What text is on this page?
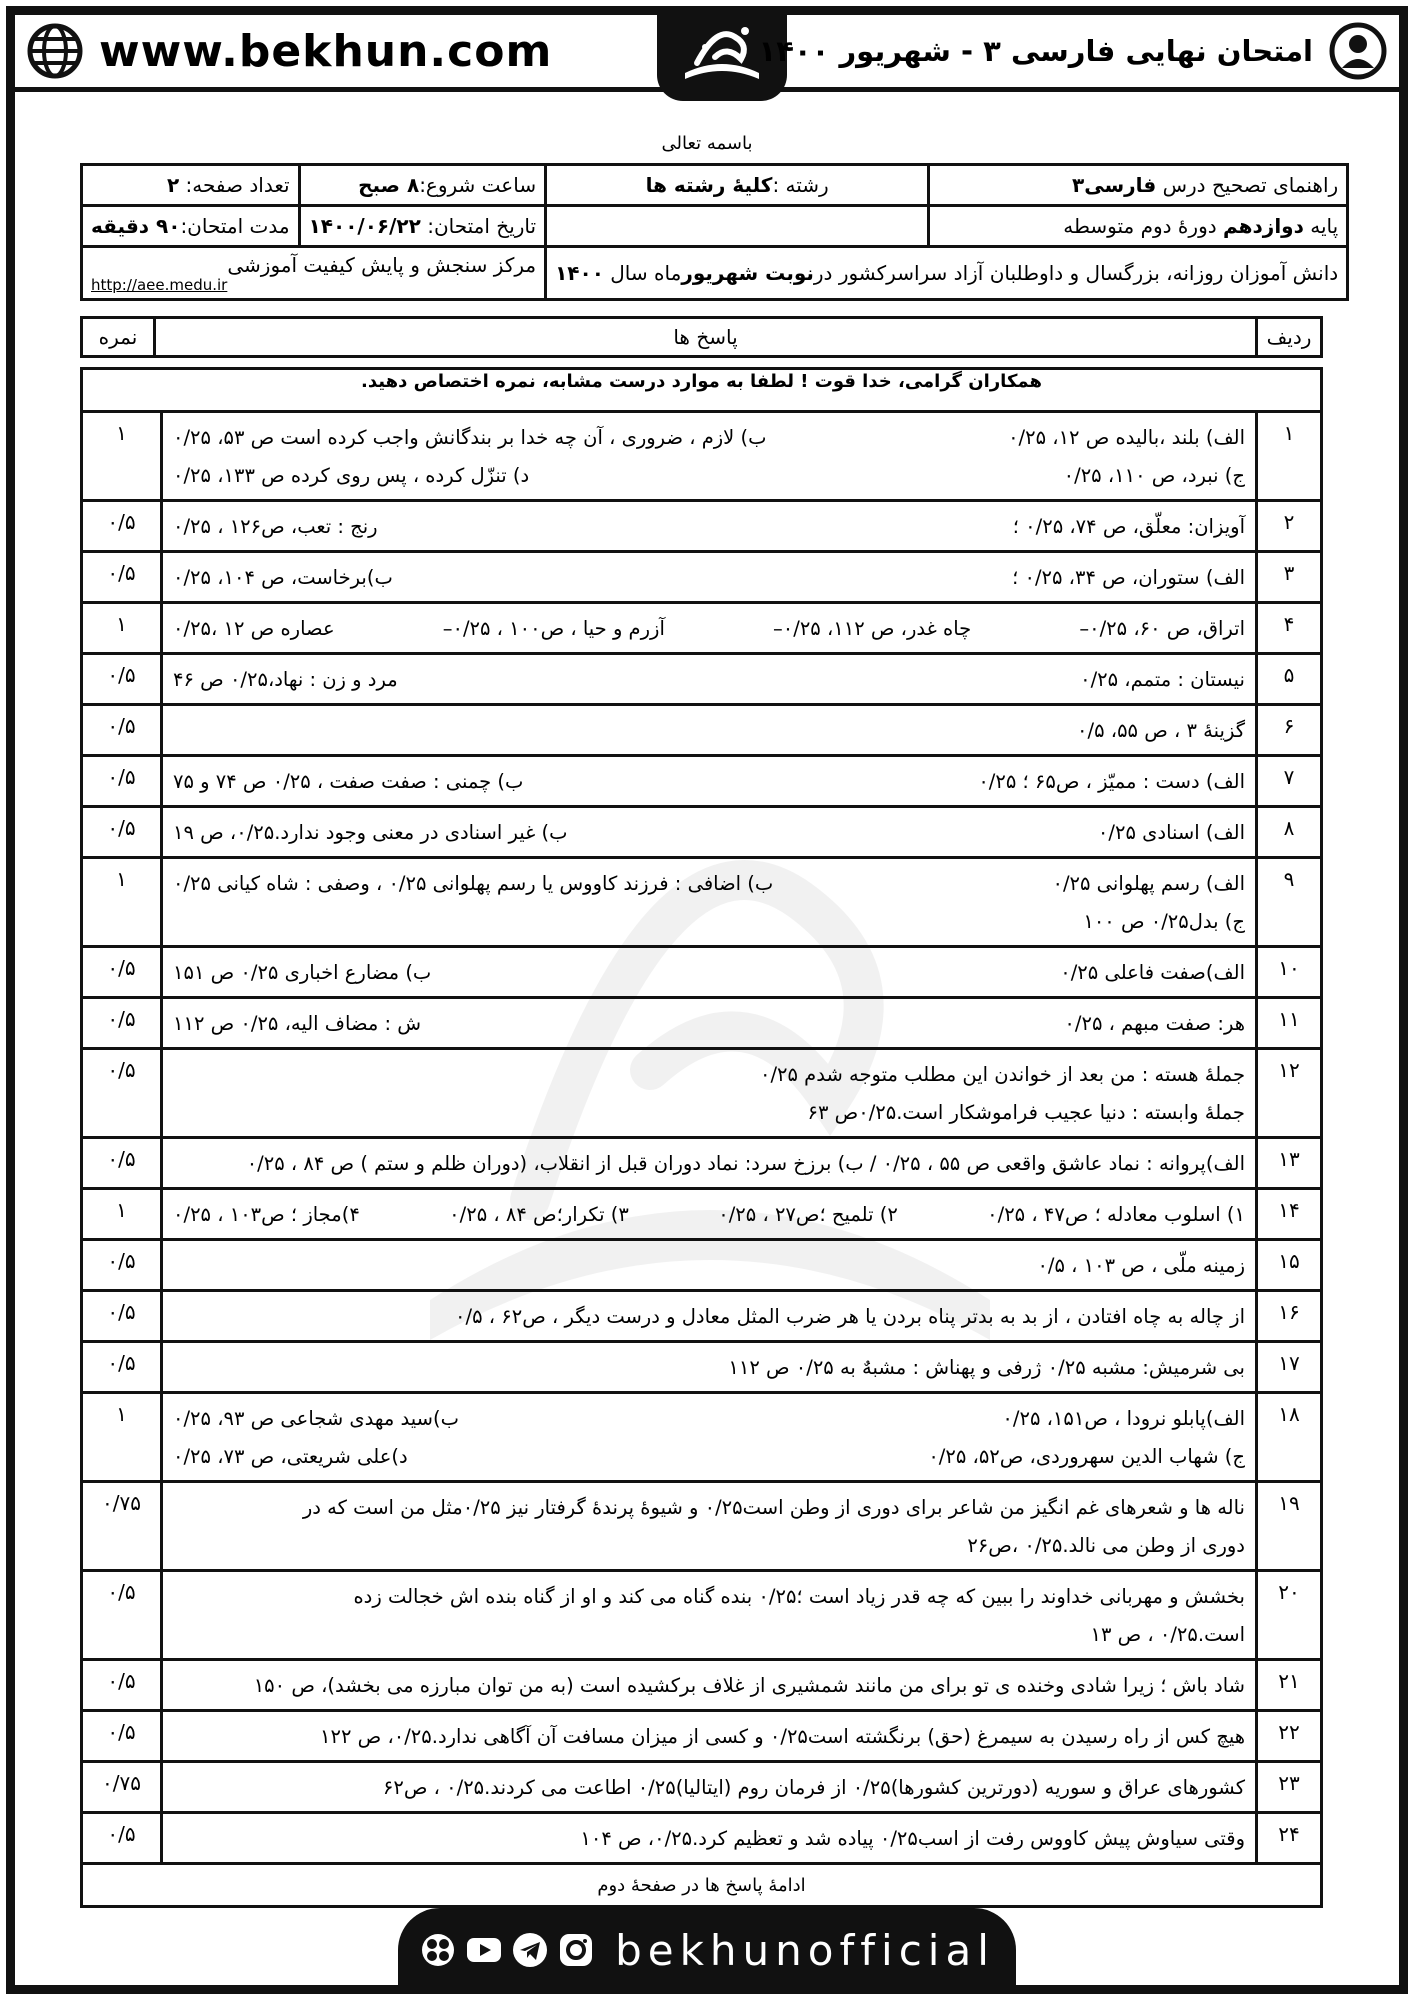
www.bekhun.com	امتحان نهایی فارسی ۳ - شهریور ۱۴۰۰
باسمه تعالی
راهنمای تصحیح درس فارسی۳	رشته :کلیهٔ رشته ها	ساعت شروع:۸ صبح	تعداد صفحه: ۲
پایه دوازدهم دورهٔ دوم متوسطه		تاریخ امتحان: ۱۴۰۰/۰۶/۲۲	مدت امتحان:۹۰ دقیقه
دانش آموزان روزانه، بزرگسال و داوطلبان آزاد سراسرکشور درنوبت شهریورماه سال ۱۴۰۰		مرکز سنجش و پایش کیفیت آموزشی
http://aee.medu.ir	
ردیف	پاسخ ها	نمره
همکاران گرامی، خدا قوت ! لطفا به موارد درست مشابه، نمره اختصاص دهید.		
۱	الف) بلند ،بالیده ص ۱۲، ۰/۲۵
ب) لازم ، ضروری ، آن چه خدا بر بندگانش واجب کرده است ص ۵۳، ۰/۲۵
ج) نبرد، ص ۱۱۰، ۰/۲۵
د) تنزّل کرده ، پس روی کرده ص ۱۳۳، ۰/۲۵	۱
۲	آویزان: معلّق، ص ۷۴، ۰/۲۵ ؛
رنج : تعب، ص۱۲۶ ، ۰/۲۵	۰/۵
۳	الف) ستوران، ص ۳۴، ۰/۲۵ ؛
ب)برخاست، ص ۱۰۴، ۰/۲۵	۰/۵
۴	اتراق، ص ۶۰، ۰/۲۵–
چاه غدر، ص ۱۱۲، ۰/۲۵–
آزرم و حیا ، ص۱۰۰ ، ۰/۲۵–
عصاره ص ۱۲ ،۰/۲۵	۱
۵	نیستان : متمم، ۰/۲۵
مرد و زن : نهاد،۰/۲۵ ص ۴۶	۰/۵
۶	گزینهٔ ۳ ، ص ۵۵، ۰/۵	۰/۵
۷	الف) دست : ممیّز ، ص۶۵ ؛ ۰/۲۵
ب) چمنی : صفت صفت ، ۰/۲۵ ص ۷۴ و ۷۵	۰/۵
۸	الف) اسنادی ۰/۲۵
ب) غیر اسنادی در معنی وجود ندارد.۰/۲۵، ص ۱۹	۰/۵
۹	الف) رسم پهلوانی ۰/۲۵
ب) اضافی : فرزند کاووس یا رسم پهلوانی ۰/۲۵ ، وصفی : شاه کیانی ۰/۲۵
ج) بدل۰/۲۵ ص ۱۰۰	۱
۱۰	الف)صفت فاعلی ۰/۲۵
ب) مضارع اخباری ۰/۲۵ ص ۱۵۱	۰/۵
۱۱	هر: صفت مبهم ، ۰/۲۵
ش : مضاف الیه، ۰/۲۵ ص ۱۱۲	۰/۵
۱۲	جملهٔ هسته : من بعد از خواندن این مطلب متوجه شدم ۰/۲۵
جملهٔ وابسته : دنیا عجیب فراموشکار است.۰/۲۵ص ۶۳	۰/۵
۱۳	الف)پروانه : نماد عاشق واقعی ص ۵۵ ، ۰/۲۵ / ب) برزخ سرد: نماد دوران قبل از انقلاب، (دوران ظلم و ستم ) ص ۸۴ ، ۰/۲۵	۰/۵
۱۴	۱) اسلوب معادله ؛ ص۴۷ ، ۰/۲۵
۲) تلمیح ؛ص۲۷ ، ۰/۲۵
۳) تکرار؛ص ۸۴ ، ۰/۲۵
۴)مجاز ؛ ص۱۰۳ ، ۰/۲۵	۱
۱۵	زمینه ملّی ، ص ۱۰۳ ، ۰/۵	۰/۵
۱۶	از چاله به چاه افتادن ، از بد به بدتر پناه بردن یا هر ضرب المثل معادل و درست دیگر ، ص۶۲ ، ۰/۵	۰/۵
۱۷	بی شرمیش: مشبه ۰/۲۵ ژرفی و پهناش : مشبهٌ به ۰/۲۵ ص ۱۱۲	۰/۵
۱۸	الف)پابلو نرودا ، ص۱۵۱، ۰/۲۵
ب)سید مهدی شجاعی ص ۹۳، ۰/۲۵
ج) شهاب الدین سهروردی، ص۵۲، ۰/۲۵
د)علی شریعتی، ص ۷۳، ۰/۲۵	۱
۱۹	ناله ها و شعرهای غم انگیز من شاعر برای دوری از وطن است۰/۲۵ و شیوهٔ پرندهٔ گرفتار نیز ۰/۲۵مثل من است که در
دوری از وطن می نالد.۰/۲۵ ،ص۲۶	۰/۷۵
۲۰	بخشش و مهربانی خداوند را ببین که چه قدر زیاد است ؛۰/۲۵ بنده گناه می کند و او از گناه بنده اش خجالت زده
است.۰/۲۵ ، ص ۱۳	۰/۵
۲۱	شاد باش ؛ زیرا شادی وخنده ی تو برای من مانند شمشیری از غلاف برکشیده است (به من توان مبارزه می بخشد)، ص ۱۵۰	۰/۵
۲۲	هیچ کس از راه رسیدن به سیمرغ (حق) برنگشته است۰/۲۵ و کسی از میزان مسافت آن آگاهی ندارد.۰/۲۵، ص ۱۲۲	۰/۵
۲۳	کشورهای عراق و سوریه (دورترین کشورها)۰/۲۵ از فرمان روم (ایتالیا)۰/۲۵ اطاعت می کردند.۰/۲۵ ، ص۶۲	۰/۷۵
۲۴	وقتی سیاوش پیش کاووس رفت از اسب۰/۲۵ پیاده شد و تعظیم کرد.۰/۲۵، ص ۱۰۴	۰/۵
ادامهٔ پاسخ ها در صفحهٔ دوم		
bekhunofficial
